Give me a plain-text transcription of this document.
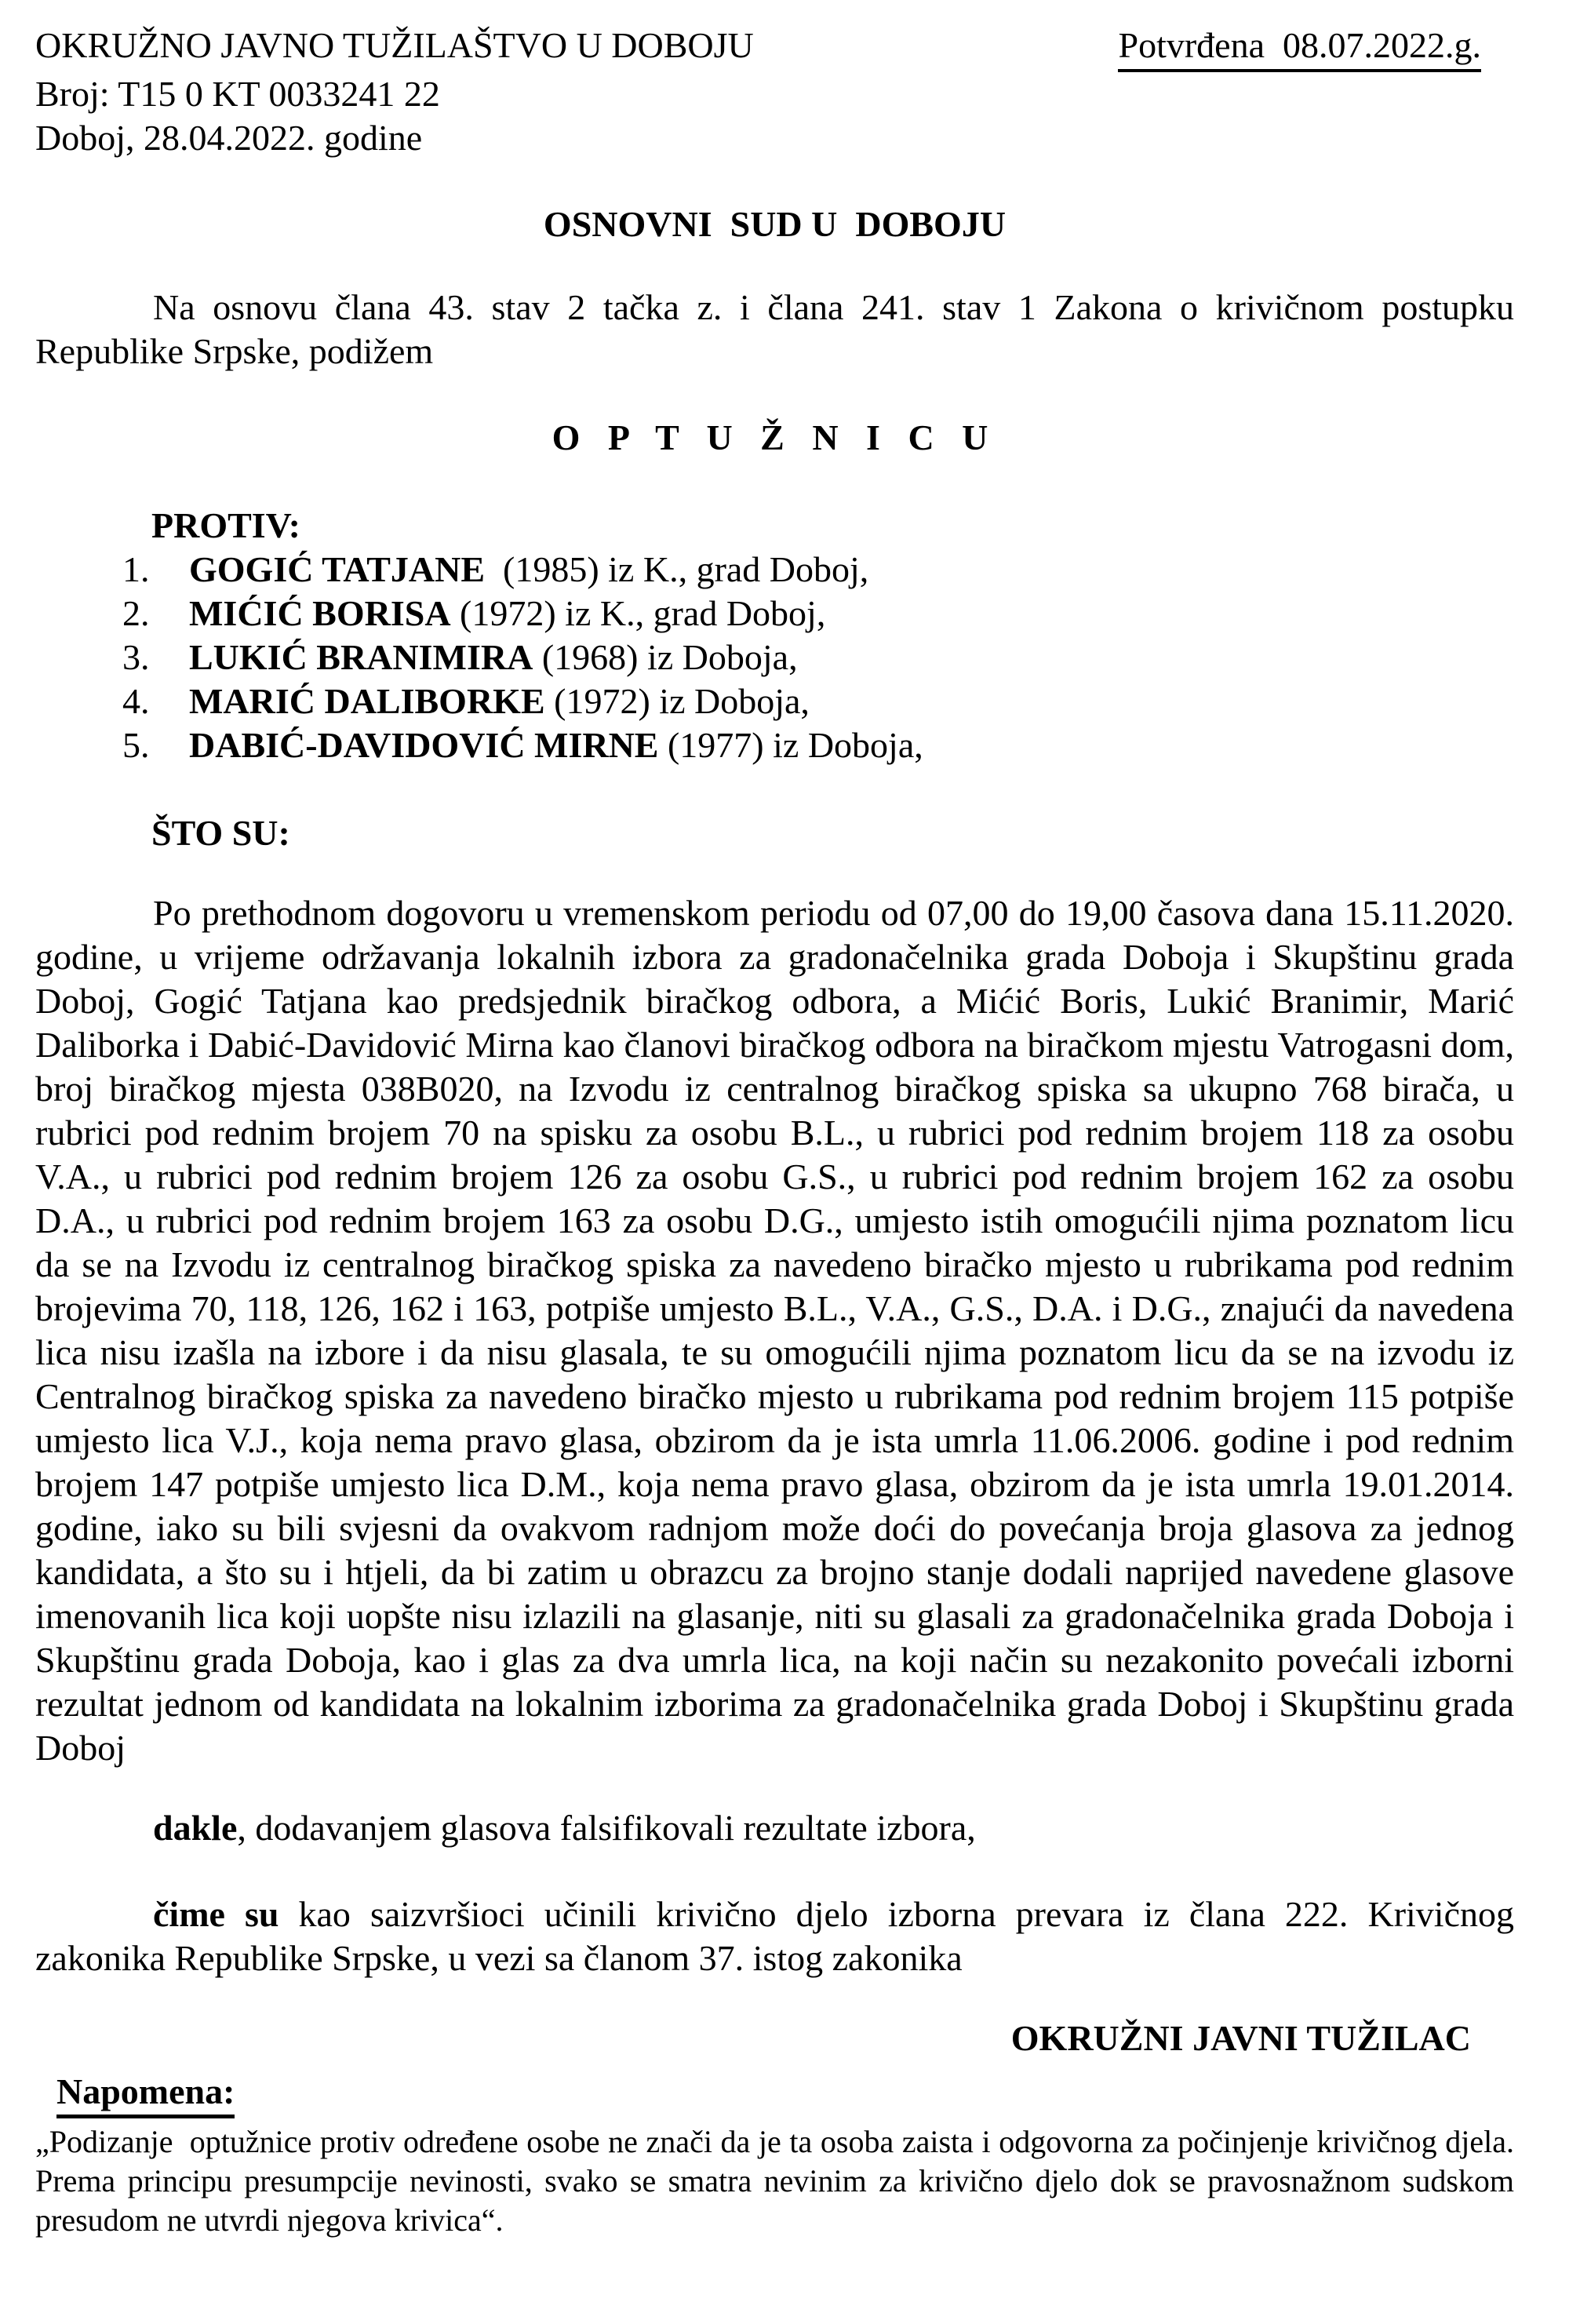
OKRUŽNO JAVNO TUŽILAŠTVO U DOBOJU	Potvrđena  08.07.2022.g.
Broj: T15 0 KT 0033241 22
Doboj, 28.04.2022. godine
OSNOVNI  SUD U  DOBOJU

Na osnovu člana 43. stav 2 tačka z. i člana 241. stav 1 Zakona o krivičnom postupku Republike Srpske, podižem

O P T U Ž N I C U
PROTIV:
1. GOGIĆ TATJANE  (1985) iz K., grad Doboj,
2. MIĆIĆ BORISA (1972) iz K., grad Doboj,
3. LUKIĆ BRANIMIRA (1968) iz Doboja,
4. MARIĆ DALIBORKE (1972) iz Doboja,
5. DABIĆ-DAVIDOVIĆ MIRNE (1977) iz Doboja,
ŠTO SU:

Po prethodnom dogovoru u vremenskom periodu od 07,00 do 19,00 časova dana 15.11.2020. godine, u vrijeme održavanja lokalnih izbora za gradonačelnika grada Doboja i Skupštinu grada Doboj, Gogić Tatjana kao predsjednik biračkog odbora, a Mićić Boris, Lukić Branimir, Marić Daliborka i Dabić-Davidović Mirna kao članovi biračkog odbora na biračkom mjestu Vatrogasni dom, broj biračkog mjesta 038B020, na Izvodu iz centralnog biračkog spiska sa ukupno 768 birača, u rubrici pod rednim brojem 70 na spisku za osobu B.L., u rubrici pod rednim brojem 118 za osobu V.A., u rubrici pod rednim brojem 126 za osobu G.S., u rubrici pod rednim brojem 162 za osobu D.A., u rubrici pod rednim brojem 163 za osobu D.G., umjesto istih omogućili njima poznatom licu da se na Izvodu iz centralnog biračkog spiska za navedeno biračko mjesto u rubrikama pod rednim brojevima 70, 118, 126, 162 i 163, potpiše umjesto B.L., V.A., G.S., D.A. i D.G., znajući da navedena lica nisu izašla na izbore i da nisu glasala, te su omogućili njima poznatom licu da se na izvodu iz Centralnog biračkog spiska za navedeno biračko mjesto u rubrikama pod rednim brojem 115 potpiše umjesto lica V.J., koja nema pravo glasa, obzirom da je ista umrla 11.06.2006. godine i pod rednim brojem 147 potpiše umjesto lica D.M., koja nema pravo glasa, obzirom da je ista umrla 19.01.2014. godine, iako su bili svjesni da ovakvom radnjom može doći do povećanja broja glasova za jednog kandidata, a što su i htjeli, da bi zatim u obrazcu za brojno stanje dodali naprijed navedene glasove imenovanih lica koji uopšte nisu izlazili na glasanje, niti su glasali za gradonačelnika grada Doboja i Skupštinu grada Doboja, kao i glas za dva umrla lica, na koji način su nezakonito povećali izborni rezultat jednom od kandidata na lokalnim izborima za gradonačelnika grada Doboj i Skupštinu grada Doboj

dakle, dodavanjem glasova falsifikovali rezultate izbora,

čime su kao saizvršioci učinili krivično djelo izborna prevara iz člana 222. Krivičnog zakonika Republike Srpske, u vezi sa članom 37. istog zakonika

OKRUŽNI JAVNI TUŽILAC
Napomena:

„Podizanje  optužnice protiv određene osobe ne znači da je ta osoba zaista i odgovorna za počinjenje krivičnog djela. Prema principu presumpcije nevinosti, svako se smatra nevinim za krivično djelo dok se pravosnažnom sudskom presudom ne utvrdi njegova krivica“.
